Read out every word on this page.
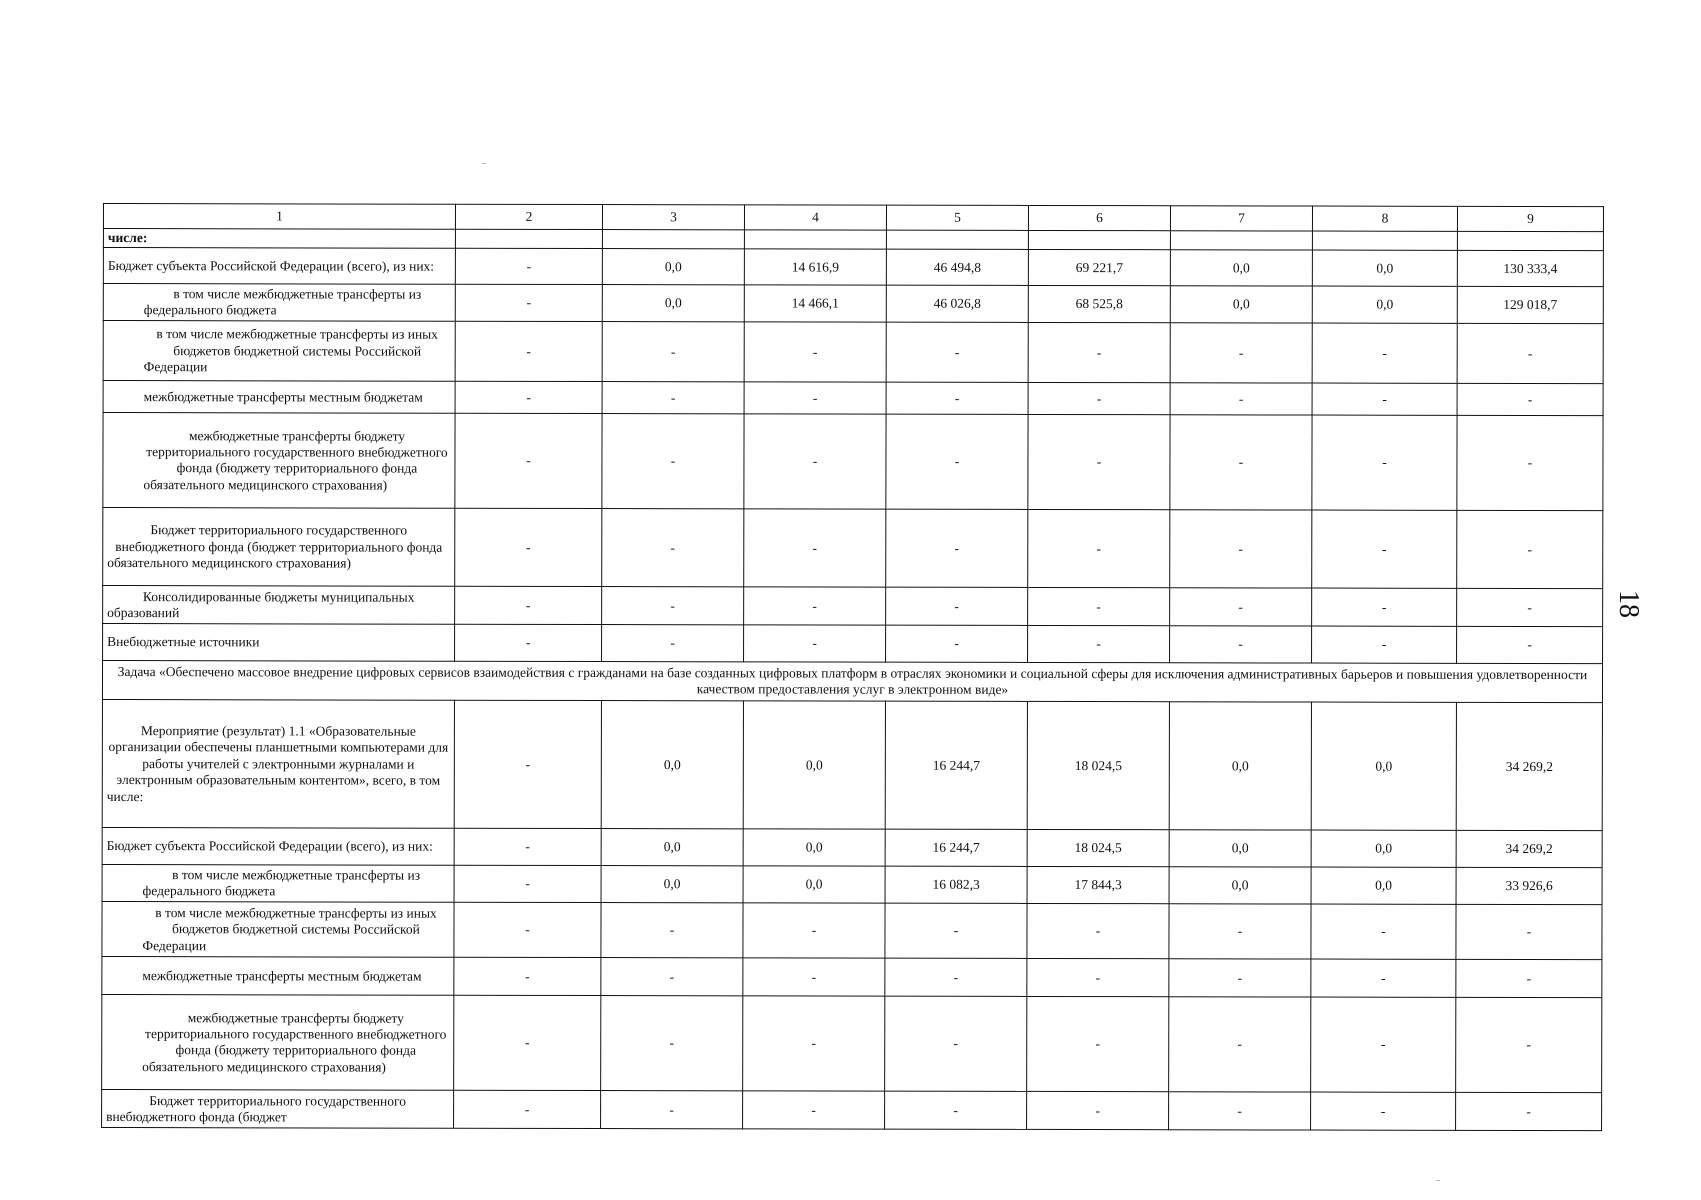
1	2	3	4	5	6	7	8	9
числе:								
Бюджет субъекта Российской Федерации (всего), из них:	-	0,0	14 616,9	46 494,8	69 221,7	0,0	0,0	130 333,4
в том числе межбюджетные трансферты из федерального бюджета	-	0,0	14 466,1	46 026,8	68 525,8	0,0	0,0	129 018,7
в том числе межбюджетные трансферты из иных бюджетов бюджетной системы Российской Федерации	-	-	-	-	-	-	-	-
межбюджетные трансферты местным бюджетам	-	-	-	-	-	-	-	-
межбюджетные трансферты бюджету территориального государственного внебюджетного фонда (бюджету территориального фонда обязательного медицинского страхования)	-	-	-	-	-	-	-	-
Бюджет территориального государственного внебюджетного фонда (бюджет территориального фонда обязательного медицинского страхования)	-	-	-	-	-	-	-	-
Консолидированные бюджеты муниципальных образований	-	-	-	-	-	-	-	-
Внебюджетные источники	-	-	-	-	-	-	-	-
Задача «Обеспечено массовое внедрение цифровых сервисов взаимодействия с гражданами на базе созданных цифровых платформ в отраслях экономики и социальной сферы для исключения административных барьеров и повышения удовлетворенности качеством предоставления услуг в электронном виде»								
Мероприятие (результат) 1.1 «Образовательные организации обеспечены планшетными компьютерами для работы учителей с электронными журналами и электронным образовательным контентом», всего, в том числе:	-	0,0	0,0	16 244,7	18 024,5	0,0	0,0	34 269,2
Бюджет субъекта Российской Федерации (всего), из них:	-	0,0	0,0	16 244,7	18 024,5	0,0	0,0	34 269,2
в том числе межбюджетные трансферты из федерального бюджета	-	0,0	0,0	16 082,3	17 844,3	0,0	0,0	33 926,6
в том числе межбюджетные трансферты из иных бюджетов бюджетной системы Российской Федерации	-	-	-	-	-	-	-	-
межбюджетные трансферты местным бюджетам	-	-	-	-	-	-	-	-
межбюджетные трансферты бюджету территориального государственного внебюджетного фонда (бюджету территориального фонда обязательного медицинского страхования)	-	-	-	-	-	-	-	-
Бюджет территориального государственного внебюджетного фонда (бюджет	-	-	-	-	-	-	-	-
18
